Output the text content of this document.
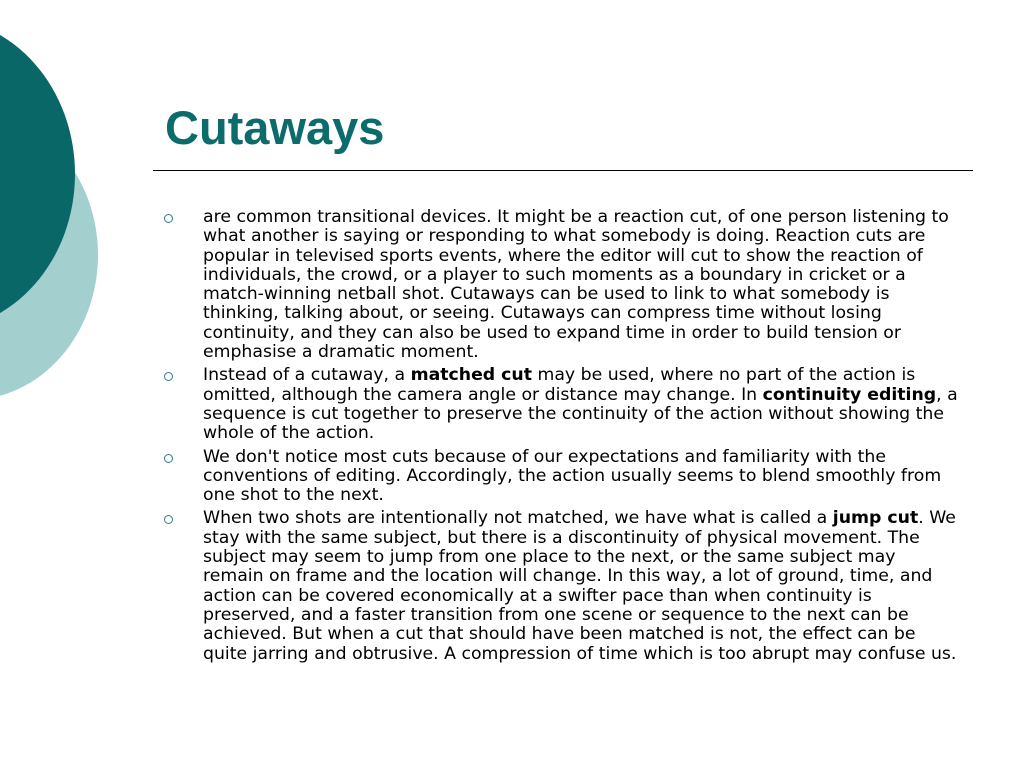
Cutaways
are common transitional devices. It might be a reaction cut, of one person listening to what another is saying or responding to what somebody is doing. Reaction cuts are popular in televised sports events, where the editor will cut to show the reaction of individuals, the crowd, or a player to such moments as a boundary in cricket or a match-winning netball shot. Cutaways can be used to link to what somebody is thinking, talking about, or seeing. Cutaways can compress time without losing continuity, and they can also be used to expand time in order to build tension or emphasise a dramatic moment.
Instead of a cutaway, a matched cut may be used, where no part of the action is omitted, although the camera angle or distance may change. In continuity editing, a sequence is cut together to preserve the continuity of the action without showing the whole of the action.
We don't notice most cuts because of our expectations and familiarity with the conventions of editing. Accordingly, the action usually seems to blend smoothly from one shot to the next.
When two shots are intentionally not matched, we have what is called a jump cut. We stay with the same subject, but there is a discontinuity of physical movement. The subject may seem to jump from one place to the next, or the same subject may remain on frame and the location will change. In this way, a lot of ground, time, and action can be covered economically at a swifter pace than when continuity is preserved, and a faster transition from one scene or sequence to the next can be achieved. But when a cut that should have been matched is not, the effect can be quite jarring and obtrusive. A compression of time which is too abrupt may confuse us.
